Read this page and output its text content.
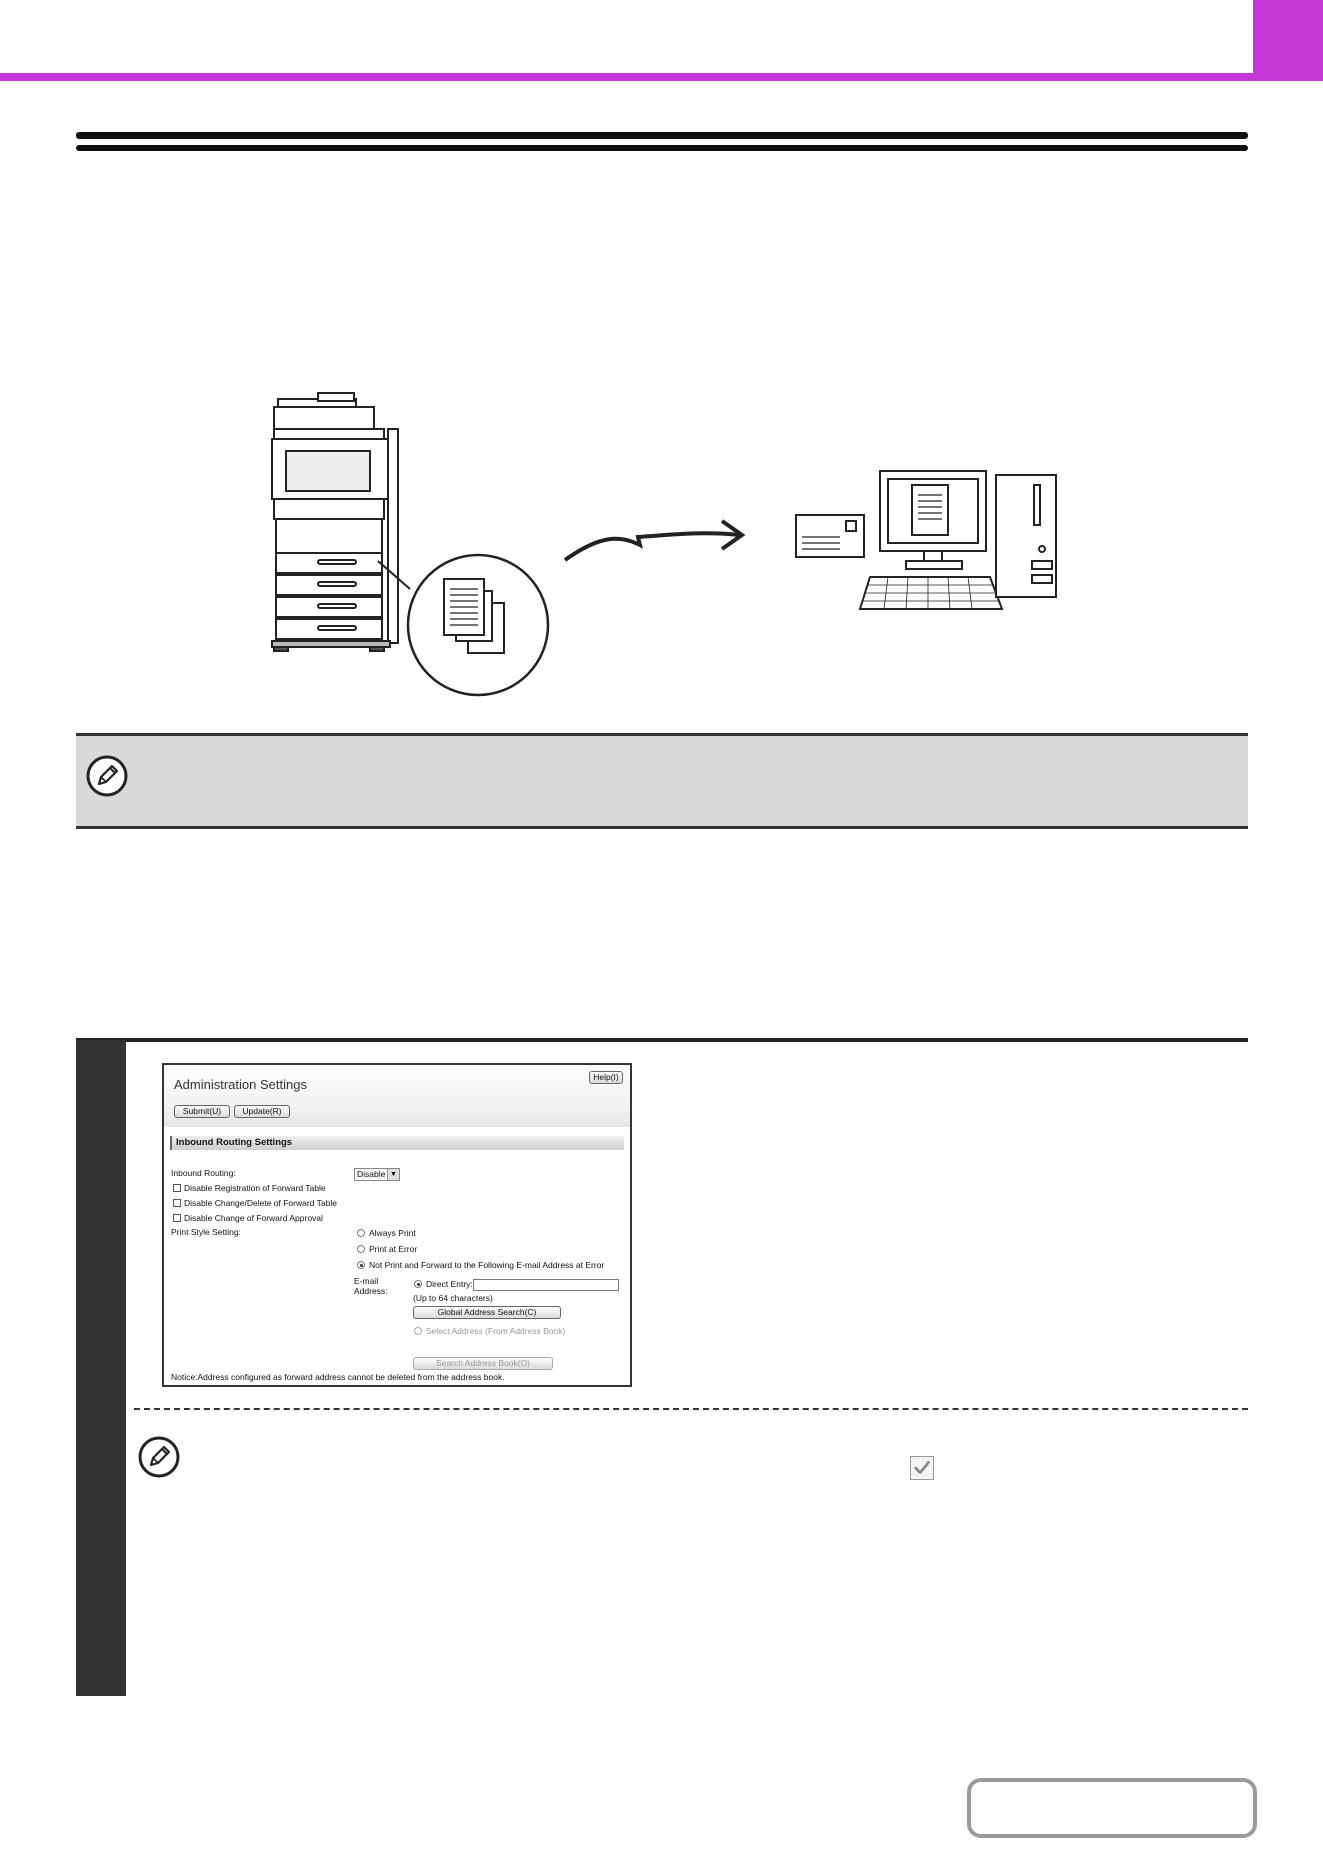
Administration Settings	Help(I)
Submit(U)	Update(R)
Inbound Routing Settings
Inbound Routing:	Disable ▼
Disable Registration of Forward Table
Disable Change/Delete of Forward Table
Disable Change of Forward Approval
Print Style Setting:	Always Print
Print at Error
Not Print and Forward to the Following E-mail Address at Error
E-mail
Address:
Direct Entry:
(Up to 64 characters)
Global Address Search(C)
Select Address (From Address Book)
Search Address Book(O)
Notice:Address configured as forward address cannot be deleted from the address book.
